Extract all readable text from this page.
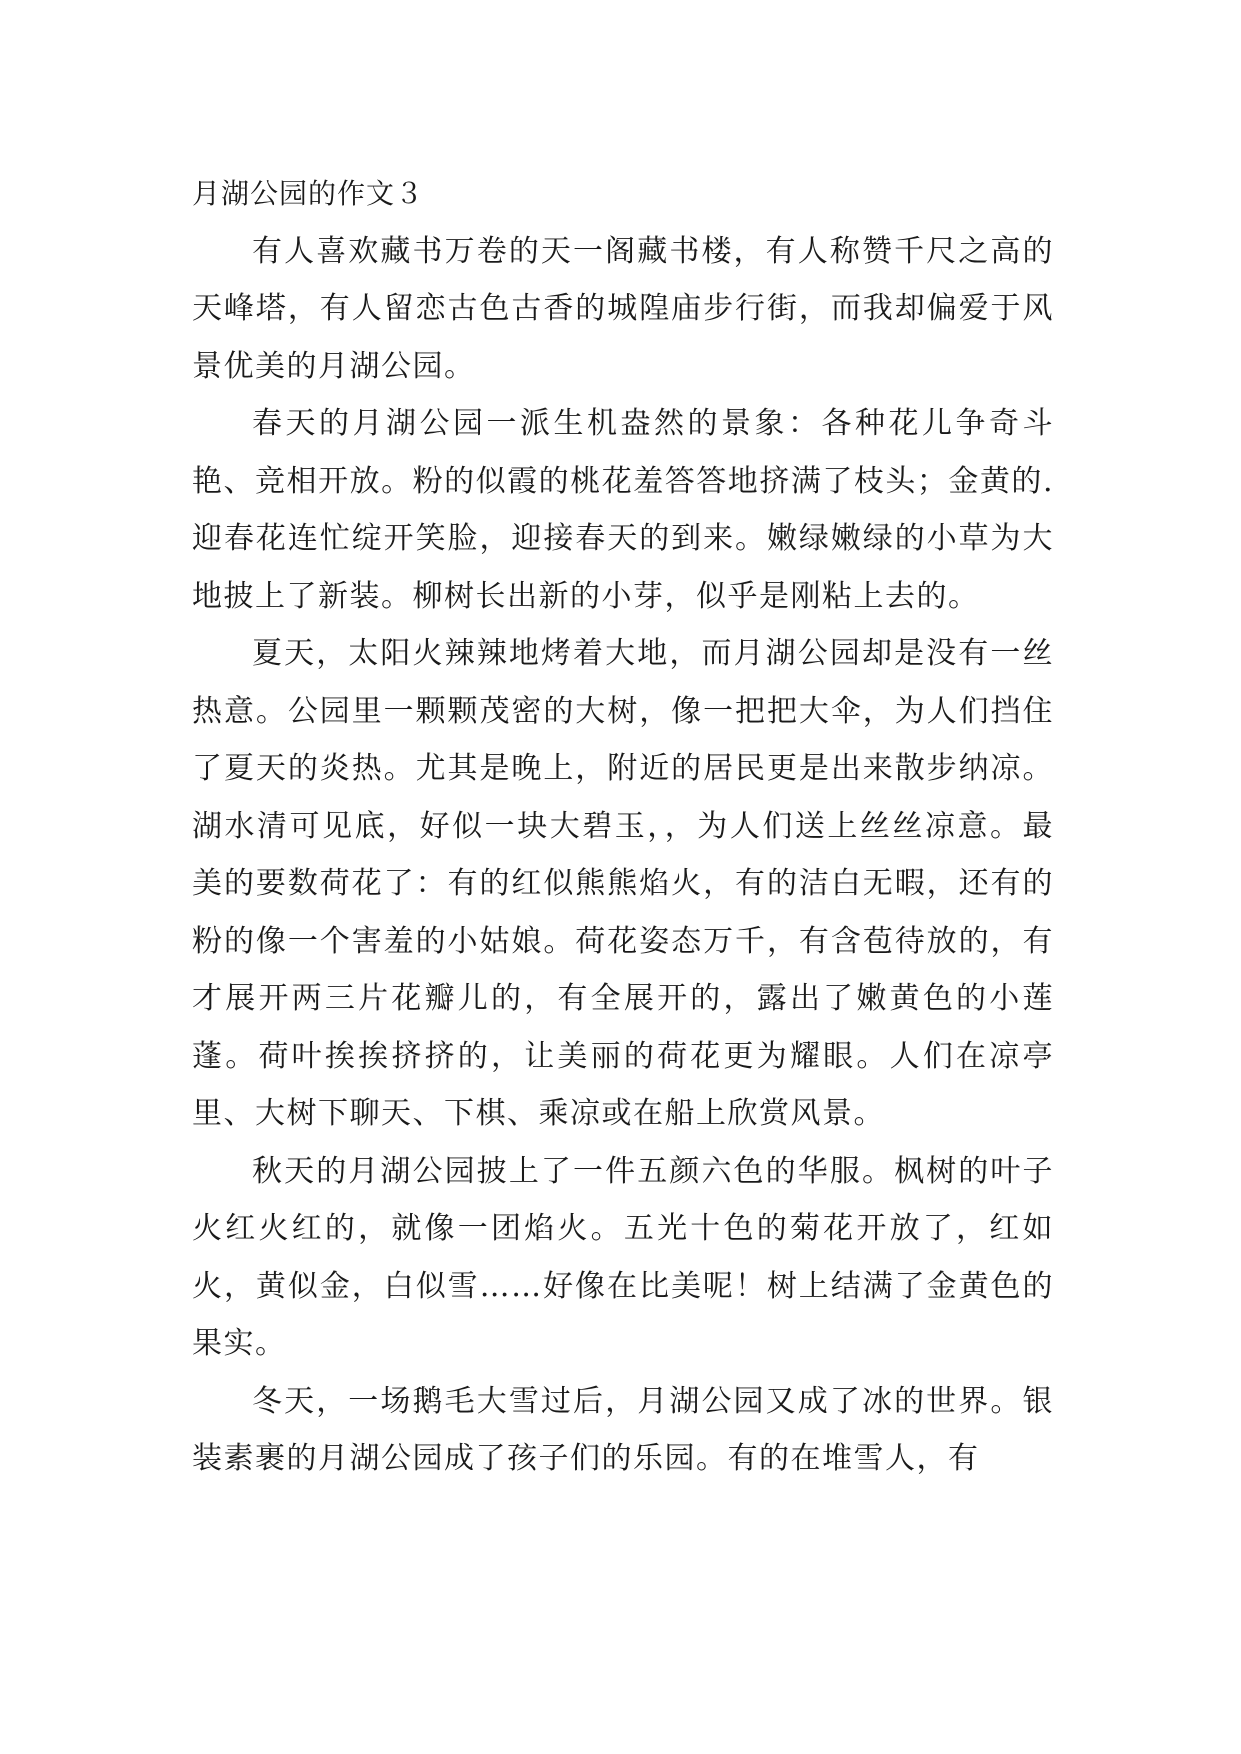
月湖公园的作文３

有人喜欢藏书万卷的天一阁藏书楼，有人称赞千尺之高的天峰塔，有人留恋古色古香的城隍庙步行街，而我却偏爱于风景优美的月湖公园。

春天的月湖公园一派生机盎然的景象：各种花儿争奇斗艳、竞相开放。粉的似霞的桃花羞答答地挤满了枝头；金黄的.迎春花连忙绽开笑脸，迎接春天的到来。嫩绿嫩绿的小草为大地披上了新装。柳树长出新的小芽，似乎是刚粘上去的。

夏天，太阳火辣辣地烤着大地，而月湖公园却是没有一丝热意。公园里一颗颗茂密的大树，像一把把大伞，为人们挡住了夏天的炎热。尤其是晚上，附近的居民更是出来散步纳凉。湖水清可见底，好似一块大碧玉，，为人们送上丝丝凉意。最美的要数荷花了：有的红似熊熊焰火，有的洁白无暇，还有的粉的像一个害羞的小姑娘。荷花姿态万千，有含苞待放的，有才展开两三片花瓣儿的，有全展开的，露出了嫩黄色的小莲蓬。荷叶挨挨挤挤的，让美丽的荷花更为耀眼。人们在凉亭里、大树下聊天、下棋、乘凉或在船上欣赏风景。

秋天的月湖公园披上了一件五颜六色的华服。枫树的叶子火红火红的，就像一团焰火。五光十色的菊花开放了，红如火，黄似金，白似雪……好像在比美呢！树上结满了金黄色的果实。

冬天，一场鹅毛大雪过后，月湖公园又成了冰的世界。银装素裹的月湖公园成了孩子们的乐园。有的在堆雪人，有
